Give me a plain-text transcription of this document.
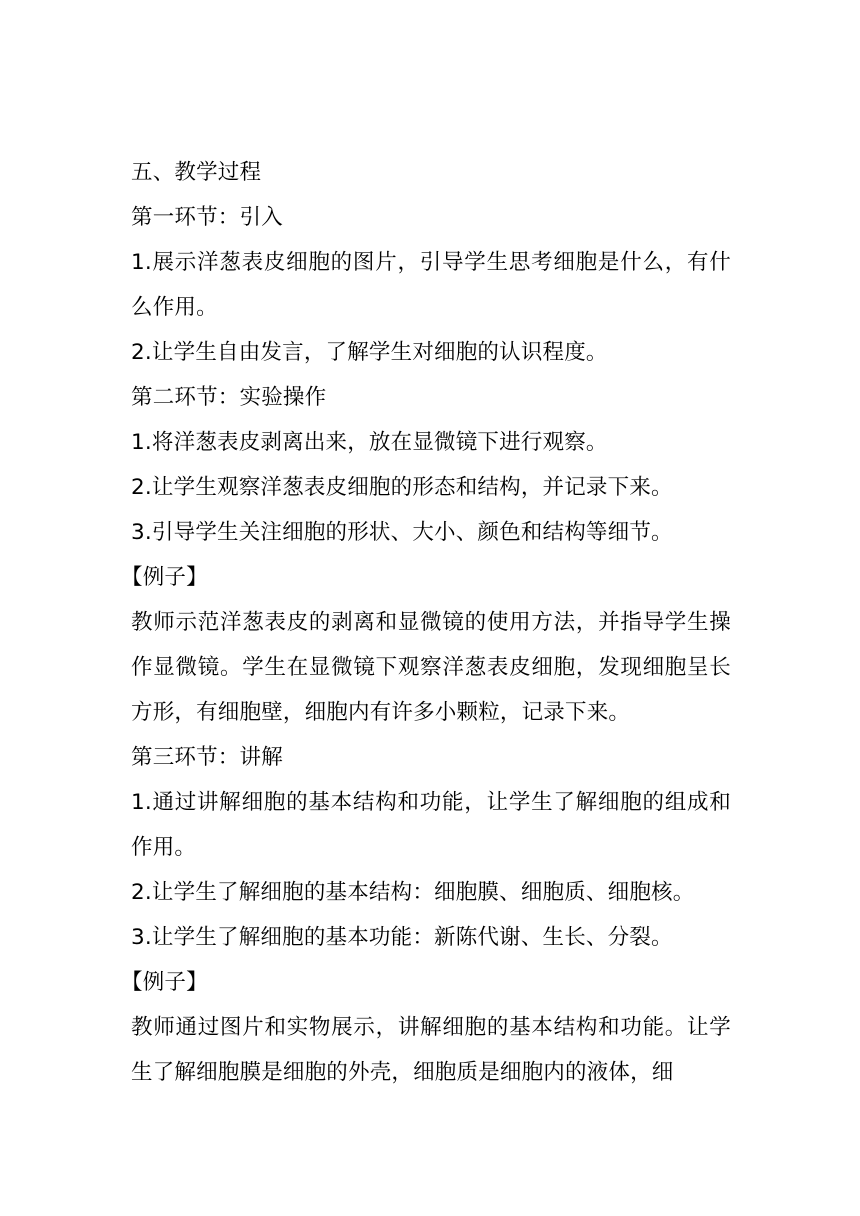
五、教学过程

第一环节：引入

1.展示洋葱表皮细胞的图片，引导学生思考细胞是什么，有什么作用。

2.让学生自由发言，了解学生对细胞的认识程度。

第二环节：实验操作

1.将洋葱表皮剥离出来，放在显微镜下进行观察。

2.让学生观察洋葱表皮细胞的形态和结构，并记录下来。

3.引导学生关注细胞的形状、大小、颜色和结构等细节。

【例子】

教师示范洋葱表皮的剥离和显微镜的使用方法，并指导学生操作显微镜。学生在显微镜下观察洋葱表皮细胞，发现细胞呈长方形，有细胞壁，细胞内有许多小颗粒，记录下来。

第三环节：讲解

1.通过讲解细胞的基本结构和功能，让学生了解细胞的组成和作用。

2.让学生了解细胞的基本结构：细胞膜、细胞质、细胞核。

3.让学生了解细胞的基本功能：新陈代谢、生长、分裂。

【例子】

教师通过图片和实物展示，讲解细胞的基本结构和功能。让学生了解细胞膜是细胞的外壳，细胞质是细胞内的液体，细
